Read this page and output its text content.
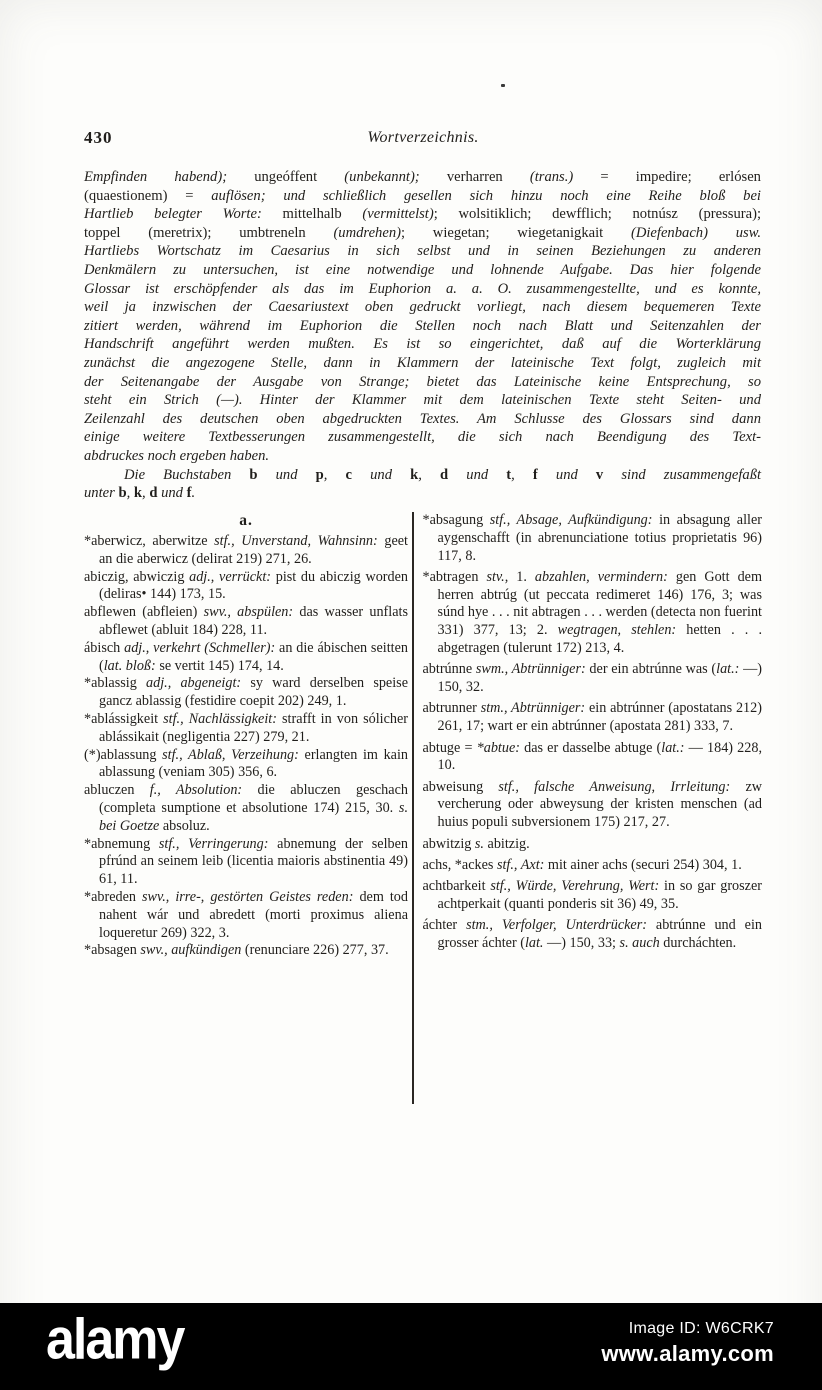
430	Wortverzeichnis.
Empfinden habend); ungeóffent (unbekannt); verharren (trans.) = impedire; erlósen
(quaestionem) = auflösen; und schließlich gesellen sich hinzu noch eine Reihe bloß bei
Hartlieb belegter Worte: mittelhalb (vermittelst); wolsitiklich; dewfflich; notnúsz (pressura);
toppel (meretrix); umbtreneln (umdrehen); wiegetan; wiegetanigkait (Diefenbach) usw.
Hartliebs Wortschatz im Caesarius in sich selbst und in seinen Beziehungen zu anderen
Denkmälern zu untersuchen, ist eine notwendige und lohnende Aufgabe. Das hier folgende
Glossar ist erschöpfender als das im Euphorion a. a. O. zusammengestellte, und es konnte,
weil ja inzwischen der Caesariustext oben gedruckt vorliegt, nach diesem bequemeren Texte
zitiert werden, während im Euphorion die Stellen noch nach Blatt und Seitenzahlen der
Handschrift angeführt werden mußten. Es ist so eingerichtet, daß auf die Worterklärung
zunächst die angezogene Stelle, dann in Klammern der lateinische Text folgt, zugleich mit
der Seitenangabe der Ausgabe von Strange; bietet das Lateinische keine Entsprechung, so
steht ein Strich (—). Hinter der Klammer mit dem lateinischen Texte steht Seiten- und
Zeilenzahl des deutschen oben abgedruckten Textes. Am Schlusse des Glossars sind dann
einige weitere Textbesserungen zusammengestellt, die sich nach Beendigung des Text-
abdruckes noch ergeben haben.
Die Buchstaben b und p, c und k, d und t, f und v sind zusammengefaßt
unter b, k, d und f.

a.

*aberwicz, aberwitze stf., Unverstand, Wahnsinn: geet an die aberwicz (delirat 219) 271, 26.

abiczig, abwiczig adj., verrückt: pist du abiczig worden (deliras• 144) 173, 15.

abflewen (abfleien) swv., abspülen: das wasser unflats abflewet (abluit 184) 228, 11.

ábisch adj., verkehrt (Schmeller): an die ábischen seitten (lat. bloß: se vertit 145) 174, 14.

*ablassig adj., abgeneigt: sy ward derselben speise gancz ablassig (festidire coepit 202) 249, 1.

*ablássigkeit stf., Nachlässigkeit: strafft in von sólicher ablássikait (negligentia 227) 279, 21.

(*)ablassung stf., Ablaß, Verzeihung: erlangten im kain ablassung (veniam 305) 356, 6.

abluczen f., Absolution: die abluczen geschach (completa sumptione et absolutione 174) 215, 30. s. bei Goetze absoluz.

*abnemung stf., Verringerung: abnemung der selben pfrúnd an seinem leib (licentia maioris abstinentia 49) 61, 11.

*abreden swv., irre-, gestörten Geistes reden: dem tod nahent wár und abredett (morti proximus aliena loqueretur 269) 322, 3.

*absagen swv., aufkündigen (renunciare 226) 277, 37.

*absagung stf., Absage, Aufkündigung: in absagung aller aygenschafft (in abrenunciatione totius proprietatis 96) 117, 8.

*abtragen stv., 1. abzahlen, vermindern: gen Gott dem herren abtrúg (ut peccata redimeret 146) 176, 3; was súnd hye . . . nit abtragen . . . werden (detecta non fuerint 331) 377, 13; 2. wegtragen, stehlen: hetten . . . abgetragen (tulerunt 172) 213, 4.

abtrúnne swm., Abtrünniger: der ein abtrúnne was (lat.: —) 150, 32.

abtrunner stm., Abtrünniger: ein abtrúnner (apostatans 212) 261, 17; wart er ein abtrúnner (apostata 281) 333, 7.

abtuge = *abtue: das er dasselbe abtuge (lat.: — 184) 228, 10.

abweisung stf., falsche Anweisung, Irrleitung: zw vercherung oder abweysung der kristen menschen (ad huius populi subversionem 175) 217, 27.

abwitzig s. abitzig.

achs, *ackes stf., Axt: mit ainer achs (securi 254) 304, 1.

achtbarkeit stf., Würde, Verehrung, Wert: in so gar groszer achtperkait (quanti ponderis sit 36) 49, 35.

áchter stm., Verfolger, Unterdrücker: abtrúnne und ein grosser áchter (lat. —) 150, 33; s. auch durcháchten.

alamy	Image ID: W6CRK7
www.alamy.com
